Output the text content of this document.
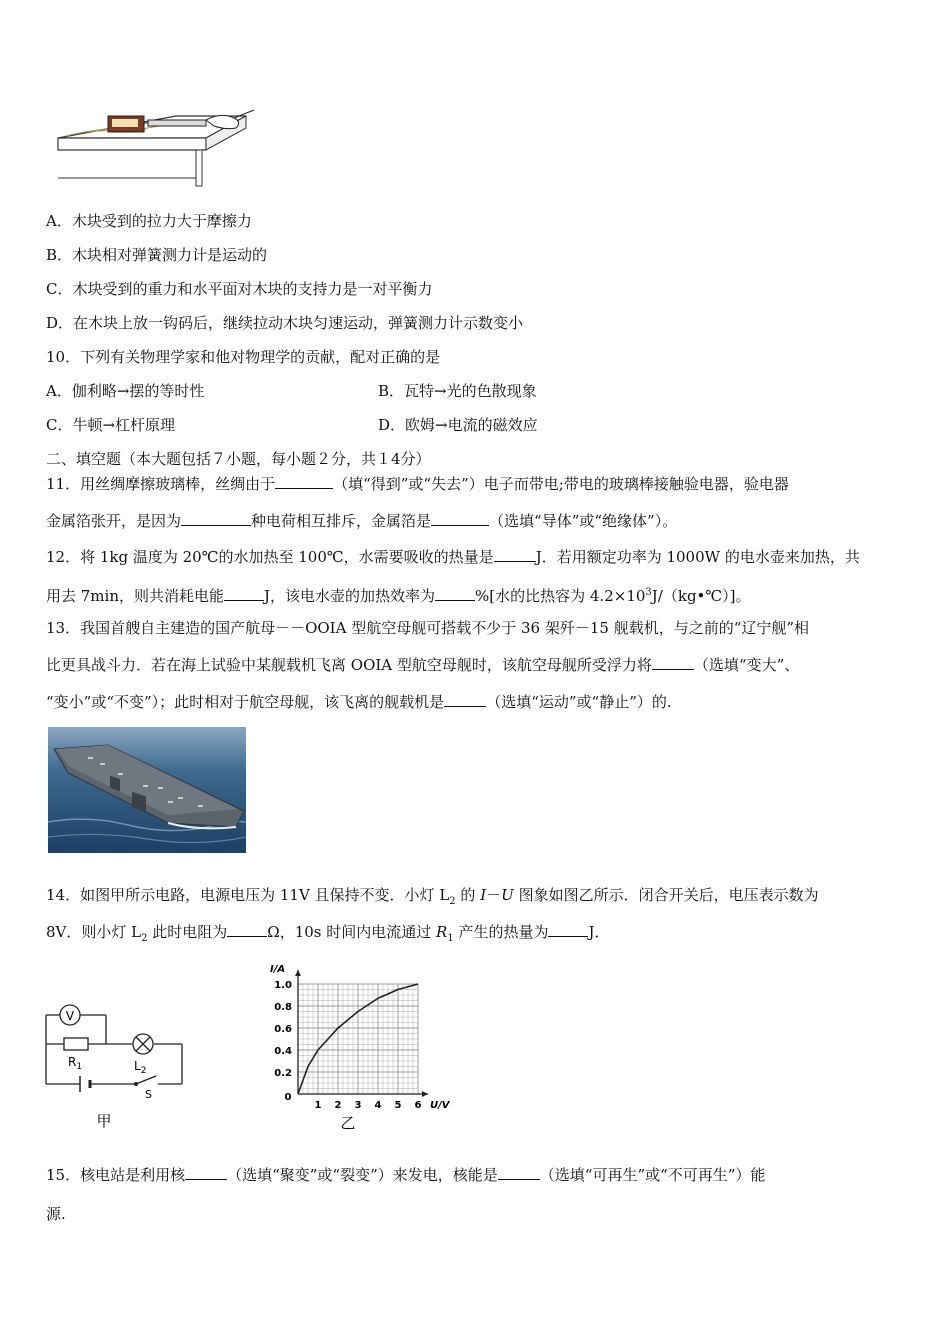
A．木块受到的拉力大于摩擦力
B．木块相对弹簧测力计是运动的
C．木块受到的重力和水平面对木块的支持力是一对平衡力
D．在木块上放一钩码后，继续拉动木块匀速运动，弹簧测力计示数变小
10．下列有关物理学家和他对物理学的贡献，配对正确的是
A．伽利略→摆的等时性	B．瓦特→光的色散现象
C．牛顿→杠杆原理	D．欧姆→电流的磁效应
二、填空题（本大题包括７小题，每小题２分，共１4分）
11．用丝绸摩擦玻璃棒，丝绸由于	（填“得到”或“失去”）电子而带电;带电的玻璃棒接触验电器，验电器
金属箔张开，是因为	种电荷相互排斥，金属箔是	（选填“导体”或“绝缘体”）。
12．将 1kg 温度为 20℃的水加热至 100℃，水需要吸收的热量是	J．若用额定功率为 1000W 的电水壶来加热，共
用去 7min，则共消耗电能	J，该电水壶的加热效率为	%[水的比热容为 $4.2\times 10^3J/(kg•℃)$]。
13．我国首艘自主建造的国产航母－－OOIA 型航空母舰可搭载不少于 36 架歼－15 舰载机，与之前的“辽宁舰”相
比更具战斗力．若在海上试验中某舰载机飞离 OOIA 型航空母舰时，该航空母舰所受浮力将	（选填“变大”、
“变小”或“不变”）；此时相对于航空母舰，该飞离的舰载机是	（选填“运动”或“静止”）的.
14．如图甲所示电路，电源电压为 11V 且保持不变．小灯 $L_2$ 的 I－U 图象如图乙所示．闭合开关后，电压表示数为
8V．则小灯 $L_2$ 此时电阻为	Ω，10s 时间内电流通过 $R_1$ 产生的热量为	J．
V
$R_1$	$L_2$
S
甲
1.0
0.8
0.6
0.4
0.2
1 2 3 4 5 6
0
I/A
U/V
乙
15．核电站是利用核	（选填“聚变”或“裂变”）来发电，核能是	（选填“可再生”或“不可再生”）能
源.
